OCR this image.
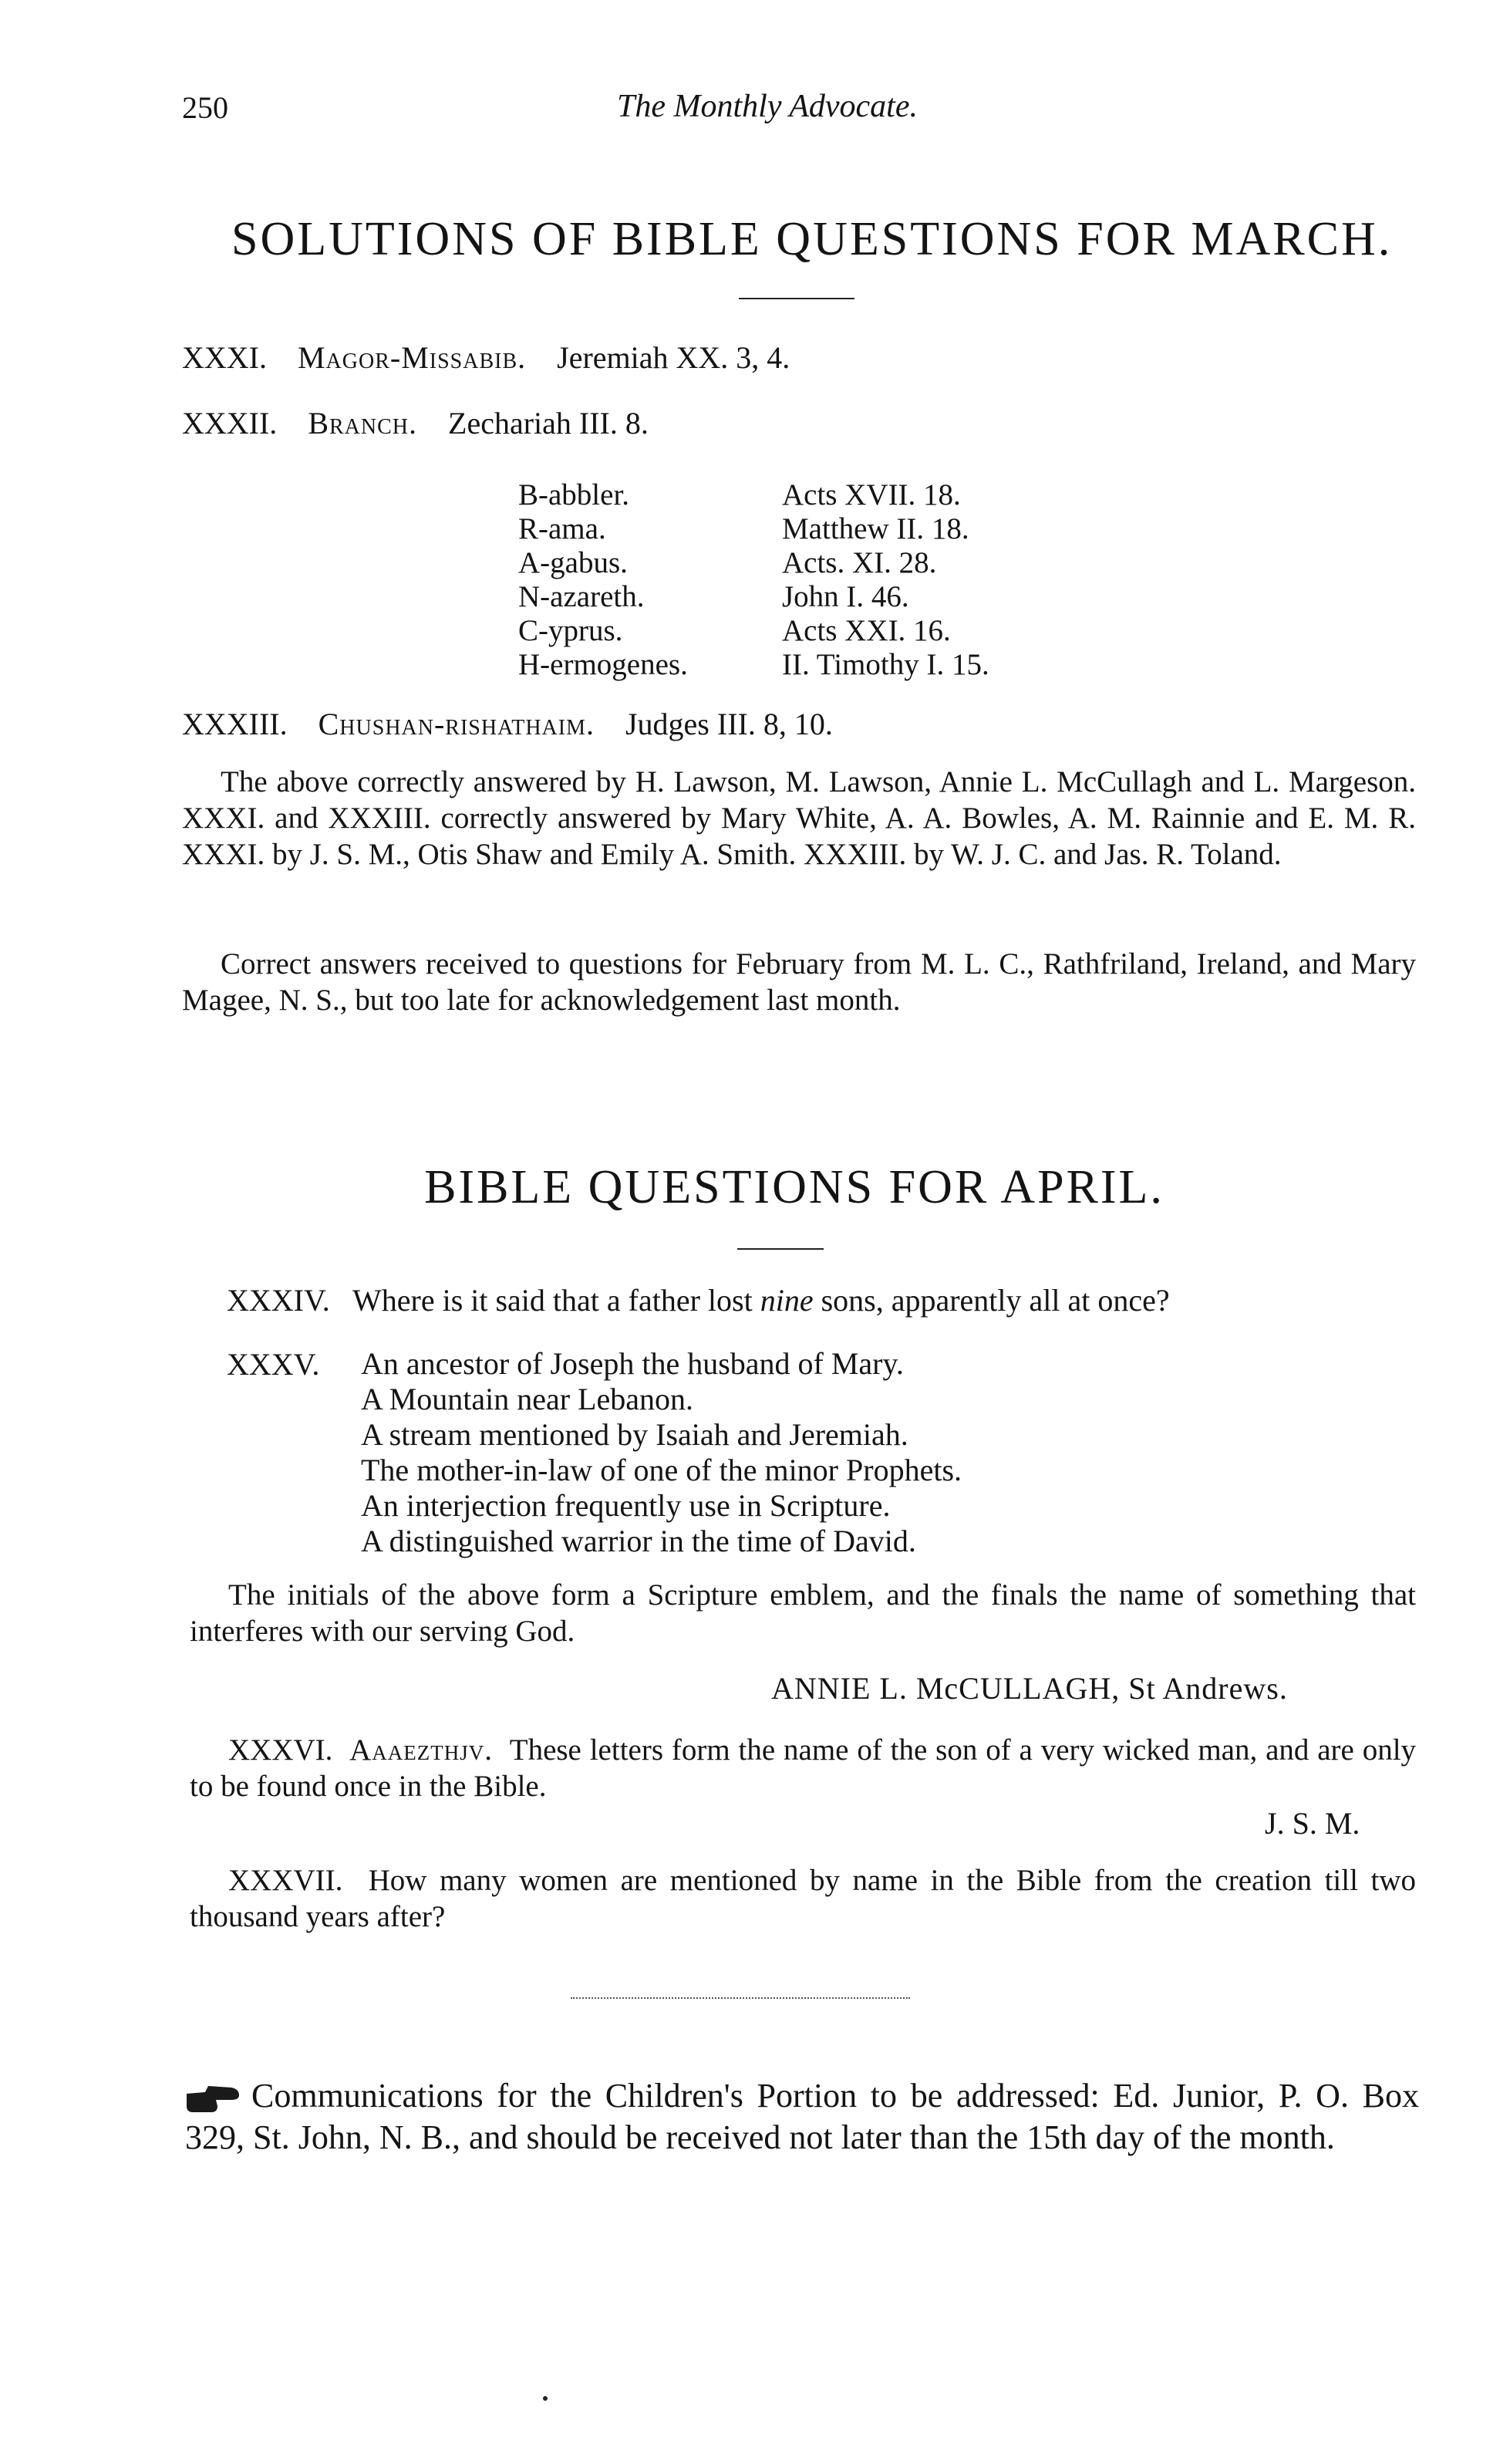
250	The Monthly Advocate.
SOLUTIONS OF BIBLE QUESTIONS FOR MARCH.
XXXI. Magor-Missabib. Jeremiah XX. 3, 4.
XXXII. Branch. Zechariah III. 8.
B-abbler.	Acts XVII. 18.
R-ama.	Matthew II. 18.
A-gabus.	Acts. XI. 28.
N-azareth.	John I. 46.
C-yprus.	Acts XXI. 16.
H-ermogenes.	II. Timothy I. 15.
XXXIII. Chushan-rishathaim. Judges III. 8, 10.

The above correctly answered by H. Lawson, M. Lawson, Annie L. McCullagh and L. Margeson. XXXI. and XXXIII. correctly answered by Mary White, A. A. Bowles, A. M. Rainnie and E. M. R. XXXI. by J. S. M., Otis Shaw and Emily A. Smith. XXXIII. by W. J. C. and Jas. R. Toland.

Correct answers received to questions for February from M. L. C., Rathfriland, Ireland, and Mary Magee, N. S., but too late for acknowledgement last month.

BIBLE QUESTIONS FOR APRIL.
XXXIV. Where is it said that a father lost nine sons, apparently all at once?
XXXV. An ancestor of Joseph the husband of Mary.
A Mountain near Lebanon.
A stream mentioned by Isaiah and Jeremiah.
The mother-in-law of one of the minor Prophets.
An interjection frequently use in Scripture.
A distinguished warrior in the time of David.

The initials of the above form a Scripture emblem, and the finals the name of something that interferes with our serving God.

ANNIE L. McCULLAGH, St Andrews.

XXXVI. Aaaezthjv. These letters form the name of the son of a very wicked man, and are only to be found once in the Bible.

J. S. M.

XXXVII. How many women are mentioned by name in the Bible from the creation till two thousand years after?

Communications for the Children's Portion to be addressed: Ed. Junior, P. O. Box 329, St. John, N. B., and should be received not later than the 15th day of the month.
